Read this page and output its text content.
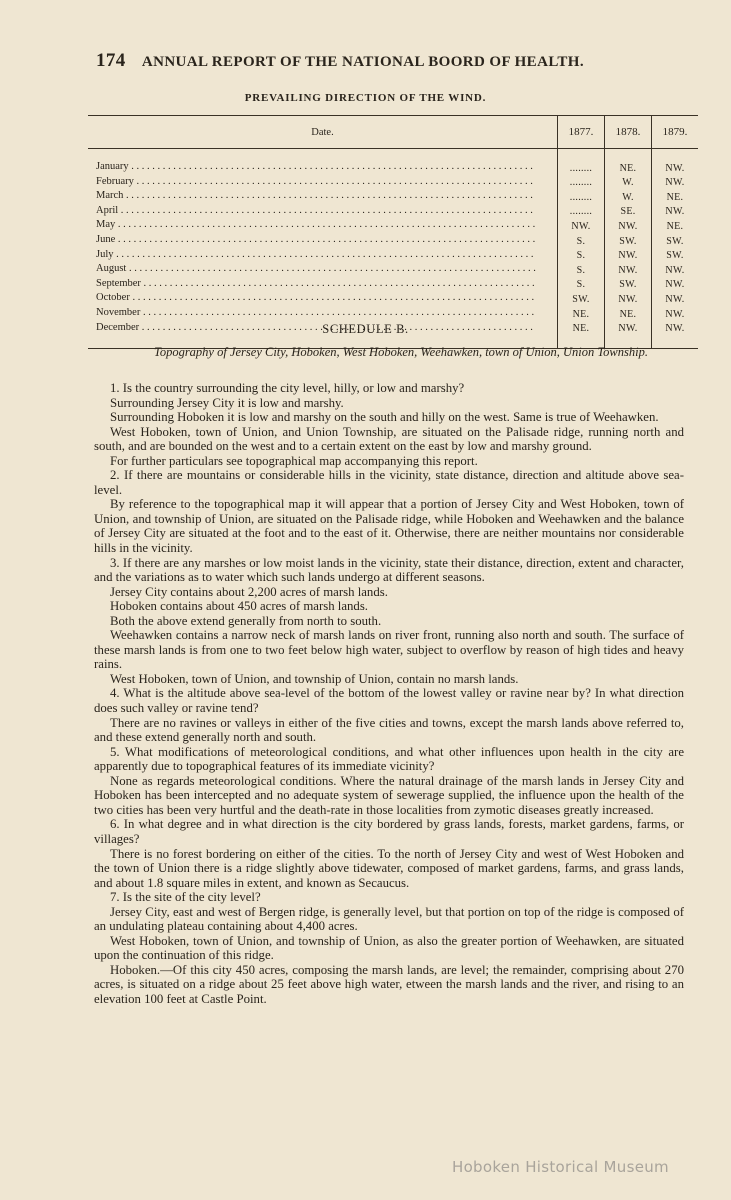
174 ANNUAL REPORT OF THE NATIONAL BOORD OF HEALTH.
PREVAILING DIRECTION OF THE WIND.
Date.	1877.	1878.	1879.

January . . .	........	NE.	NW.
February . . .	........	W.	NW.
March . . .	........	W.	NE.
April . . .	........	SE.	NW.
May . . .	NW.	NW.	NE.
June . . .	S.	SW.	SW.
July . . .	S.	NW.	SW.
August . . .	S.	NW.	NW.
September . . .	S.	SW.	NW.
October . . .	SW.	NW.	NW.
November . . .	NE.	NE.	NW.
December . . .	NE.	NW.	NW.

SCHEDULE B.
Topography of Jersey City, Hoboken, West Hoboken, Weehawken, town of Union, Union Township.

1. Is the country surrounding the city level, hilly, or low and marshy?

Surrounding Jersey City it is low and marshy.

Surrounding Hoboken it is low and marshy on the south and hilly on the west. Same is true of Weehawken.

West Hoboken, town of Union, and Union Township, are situated on the Palisade ridge, running north and south, and are bounded on the west and to a certain extent on the east by low and marshy ground.

For further particulars see topographical map accompanying this report.

2. If there are mountains or considerable hills in the vicinity, state distance, direction and altitude above sea-level.

By reference to the topographical map it will appear that a portion of Jersey City and West Hoboken, town of Union, and township of Union, are situated on the Palisade ridge, while Hoboken and Weehawken and the balance of Jersey City are situated at the foot and to the east of it. Otherwise, there are neither mountains nor considerable hills in the vicinity.

3. If there are any marshes or low moist lands in the vicinity, state their distance, direction, extent and character, and the variations as to water which such lands undergo at different seasons.

Jersey City contains about 2,200 acres of marsh lands.

Hoboken contains about 450 acres of marsh lands.

Both the above extend generally from north to south.

Weehawken contains a narrow neck of marsh lands on river front, running also north and south. The surface of these marsh lands is from one to two feet below high water, subject to overflow by reason of high tides and heavy rains.

West Hoboken, town of Union, and township of Union, contain no marsh lands.

4. What is the altitude above sea-level of the bottom of the lowest valley or ravine near by? In what direction does such valley or ravine tend?

There are no ravines or valleys in either of the five cities and towns, except the marsh lands above referred to, and these extend generally north and south.

5. What modifications of meteorological conditions, and what other influences upon health in the city are apparently due to topographical features of its immediate vicinity?

None as regards meteorological conditions. Where the natural drainage of the marsh lands in Jersey City and Hoboken has been intercepted and no adequate system of sewerage supplied, the influence upon the health of the two cities has been very hurtful and the death-rate in those localities from zymotic diseases greatly increased.

6. In what degree and in what direction is the city bordered by grass lands, forests, market gardens, farms, or villages?

There is no forest bordering on either of the cities. To the north of Jersey City and west of West Hoboken and the town of Union there is a ridge slightly above tidewater, composed of market gardens, farms, and grass lands, and about 1.8 square miles in extent, and known as Secaucus.

7. Is the site of the city level?

Jersey City, east and west of Bergen ridge, is generally level, but that portion on top of the ridge is composed of an undulating plateau containing about 4,400 acres.

West Hoboken, town of Union, and township of Union, as also the greater portion of Weehawken, are situated upon the continuation of this ridge.

Hoboken.—Of this city 450 acres, composing the marsh lands, are level; the remainder, comprising about 270 acres, is situated on a ridge about 25 feet above high water, etween the marsh lands and the river, and rising to an elevation 100 feet at Castle Point.

Hoboken Historical Museum
